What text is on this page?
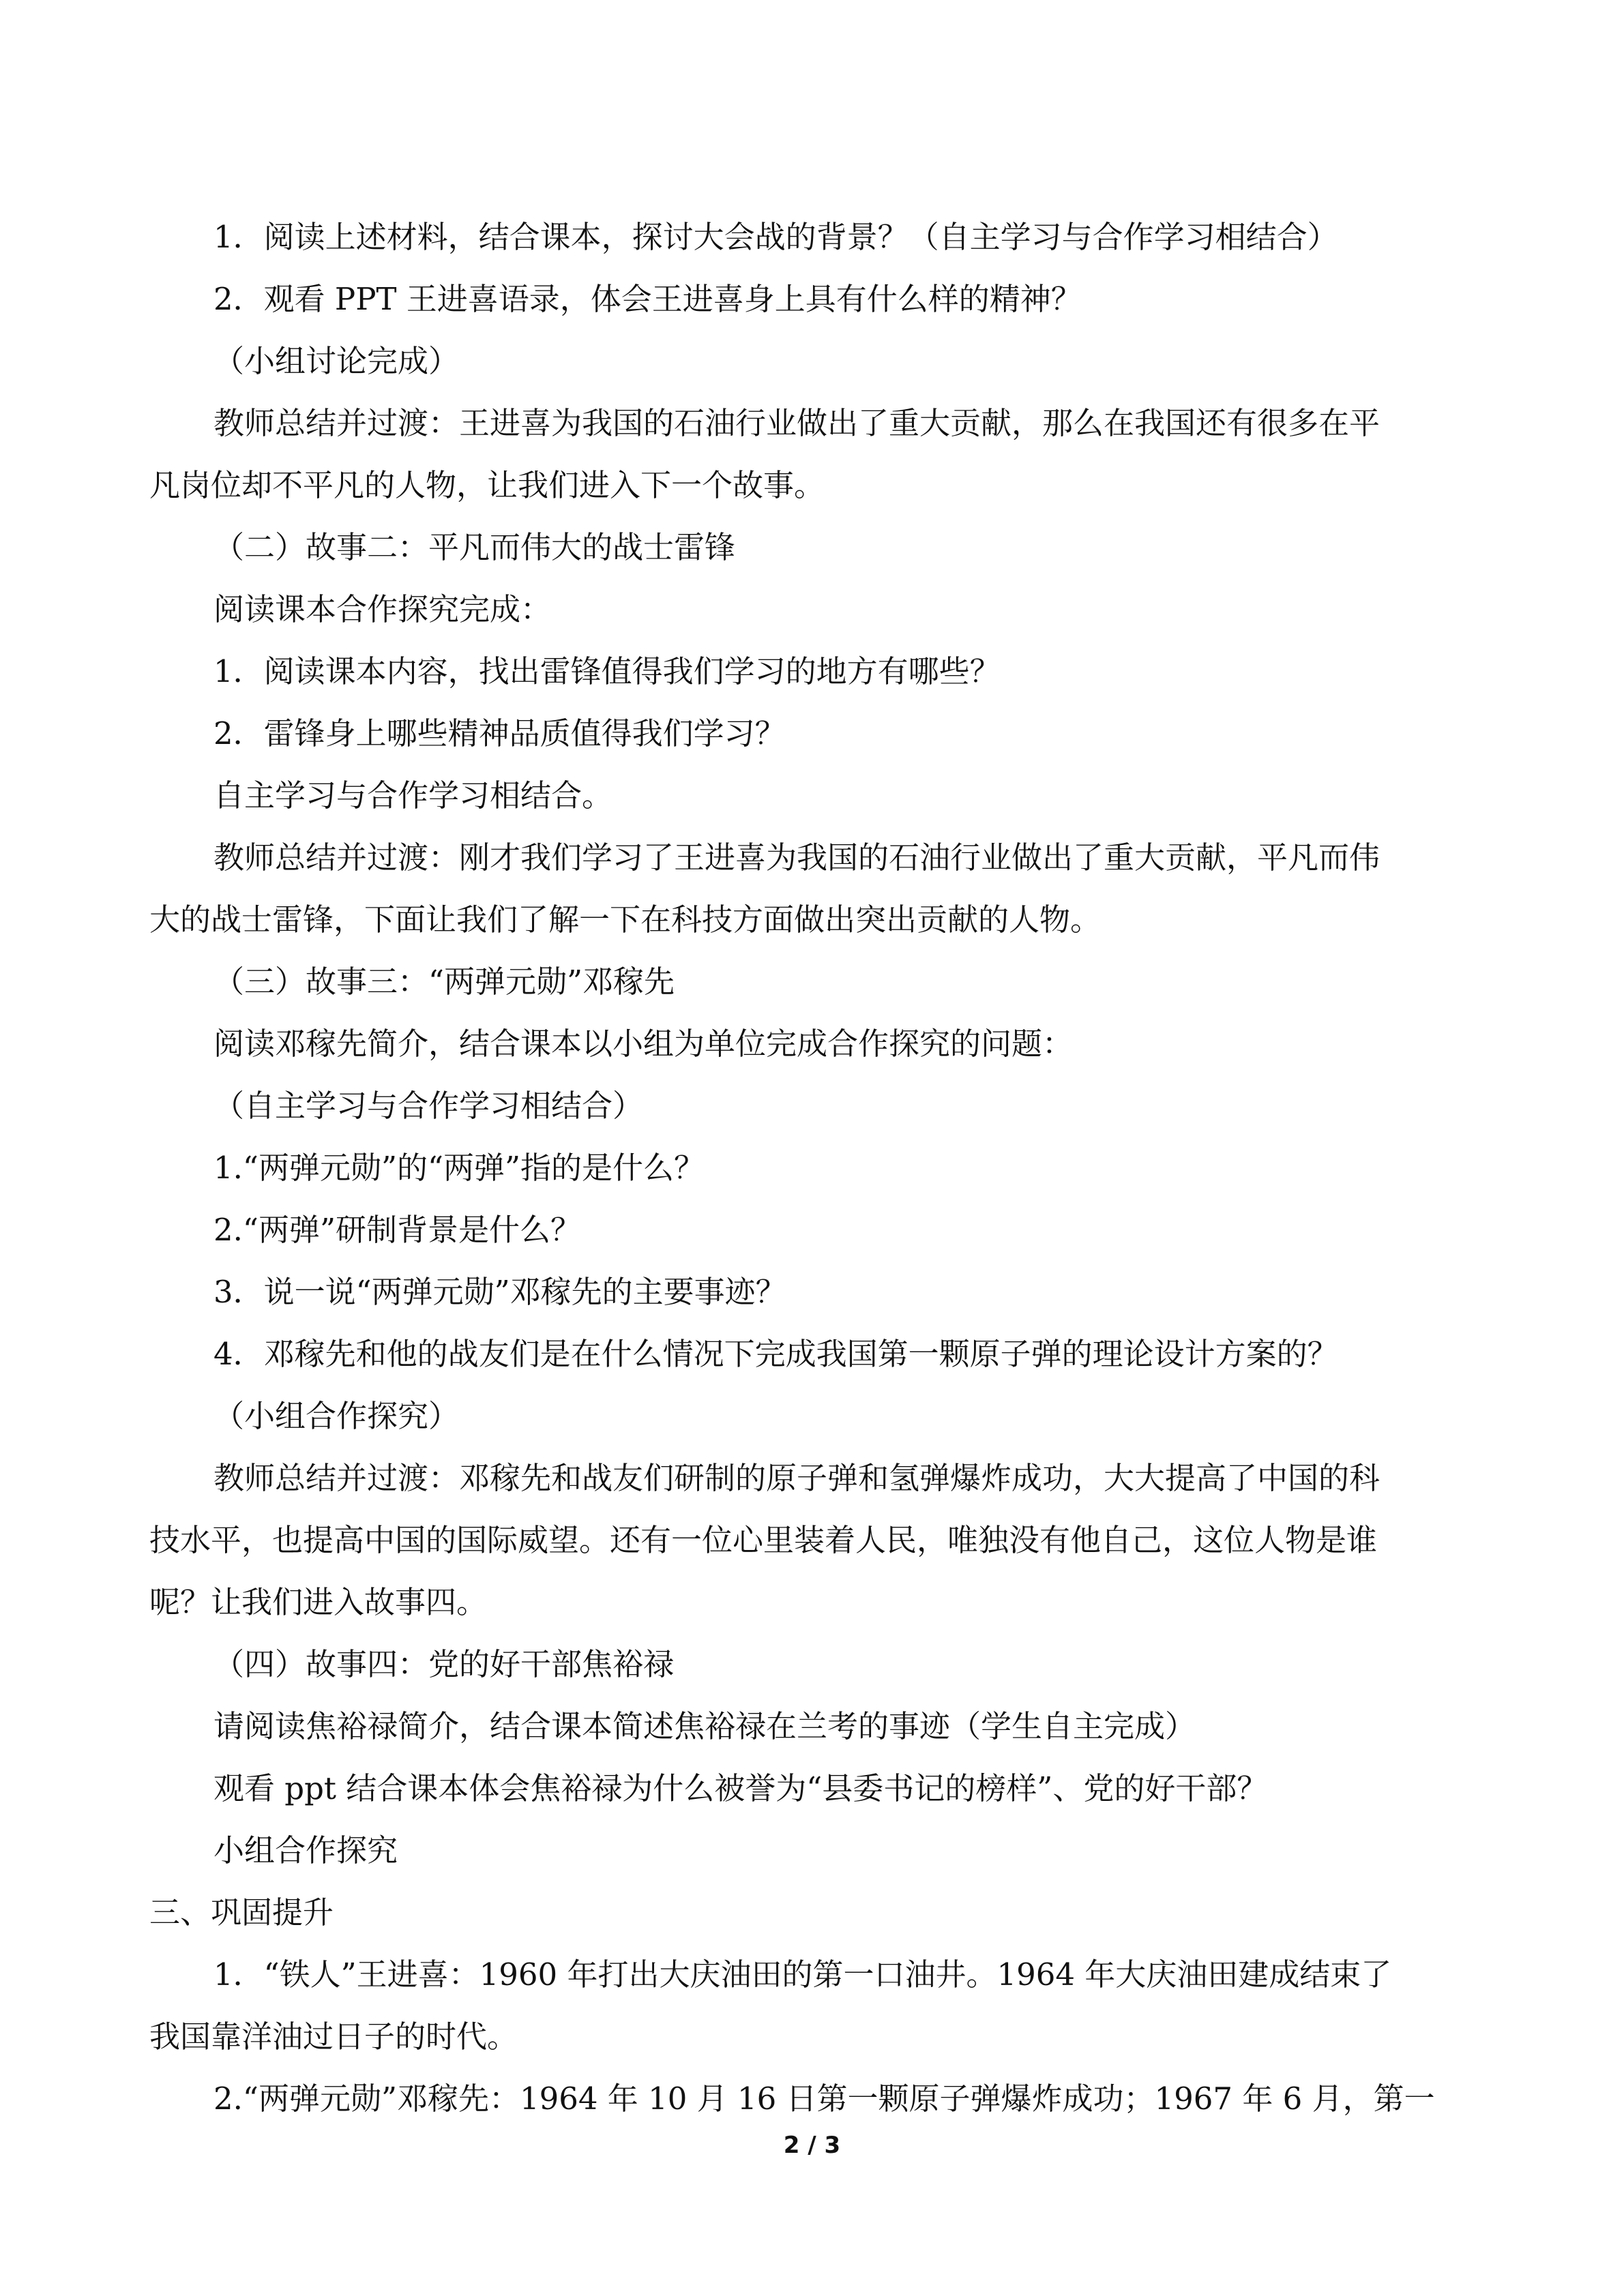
1．阅读上述材料，结合课本，探讨大会战的背景？（自主学习与合作学习相结合）

2．观看 PPT 王进喜语录，体会王进喜身上具有什么样的精神？

（小组讨论完成）

教师总结并过渡：王进喜为我国的石油行业做出了重大贡献，那么在我国还有很多在平

凡岗位却不平凡的人物，让我们进入下一个故事。

（二）故事二：平凡而伟大的战士雷锋

阅读课本合作探究完成：

1．阅读课本内容，找出雷锋值得我们学习的地方有哪些？

2．雷锋身上哪些精神品质值得我们学习？

自主学习与合作学习相结合。

教师总结并过渡：刚才我们学习了王进喜为我国的石油行业做出了重大贡献，平凡而伟

大的战士雷锋，下面让我们了解一下在科技方面做出突出贡献的人物。

（三）故事三：“两弹元勋”邓稼先

阅读邓稼先简介，结合课本以小组为单位完成合作探究的问题：

（自主学习与合作学习相结合）

1.“两弹元勋”的“两弹”指的是什么？

2.“两弹”研制背景是什么？

3．说一说“两弹元勋”邓稼先的主要事迹？

4．邓稼先和他的战友们是在什么情况下完成我国第一颗原子弹的理论设计方案的？

（小组合作探究）

教师总结并过渡：邓稼先和战友们研制的原子弹和氢弹爆炸成功，大大提高了中国的科

技水平，也提高中国的国际威望。还有一位心里装着人民，唯独没有他自己，这位人物是谁

呢？让我们进入故事四。

（四）故事四：党的好干部焦裕禄

请阅读焦裕禄简介，结合课本简述焦裕禄在兰考的事迹（学生自主完成）

观看 ppt 结合课本体会焦裕禄为什么被誉为“县委书记的榜样”、党的好干部？

小组合作探究

三、巩固提升

1．“铁人”王进喜：1960 年打出大庆油田的第一口油井。1964 年大庆油田建成结束了

我国靠洋油过日子的时代。

2.“两弹元勋”邓稼先：1964 年 10 月 16 日第一颗原子弹爆炸成功；1967 年 6 月，第一

2 / 3
